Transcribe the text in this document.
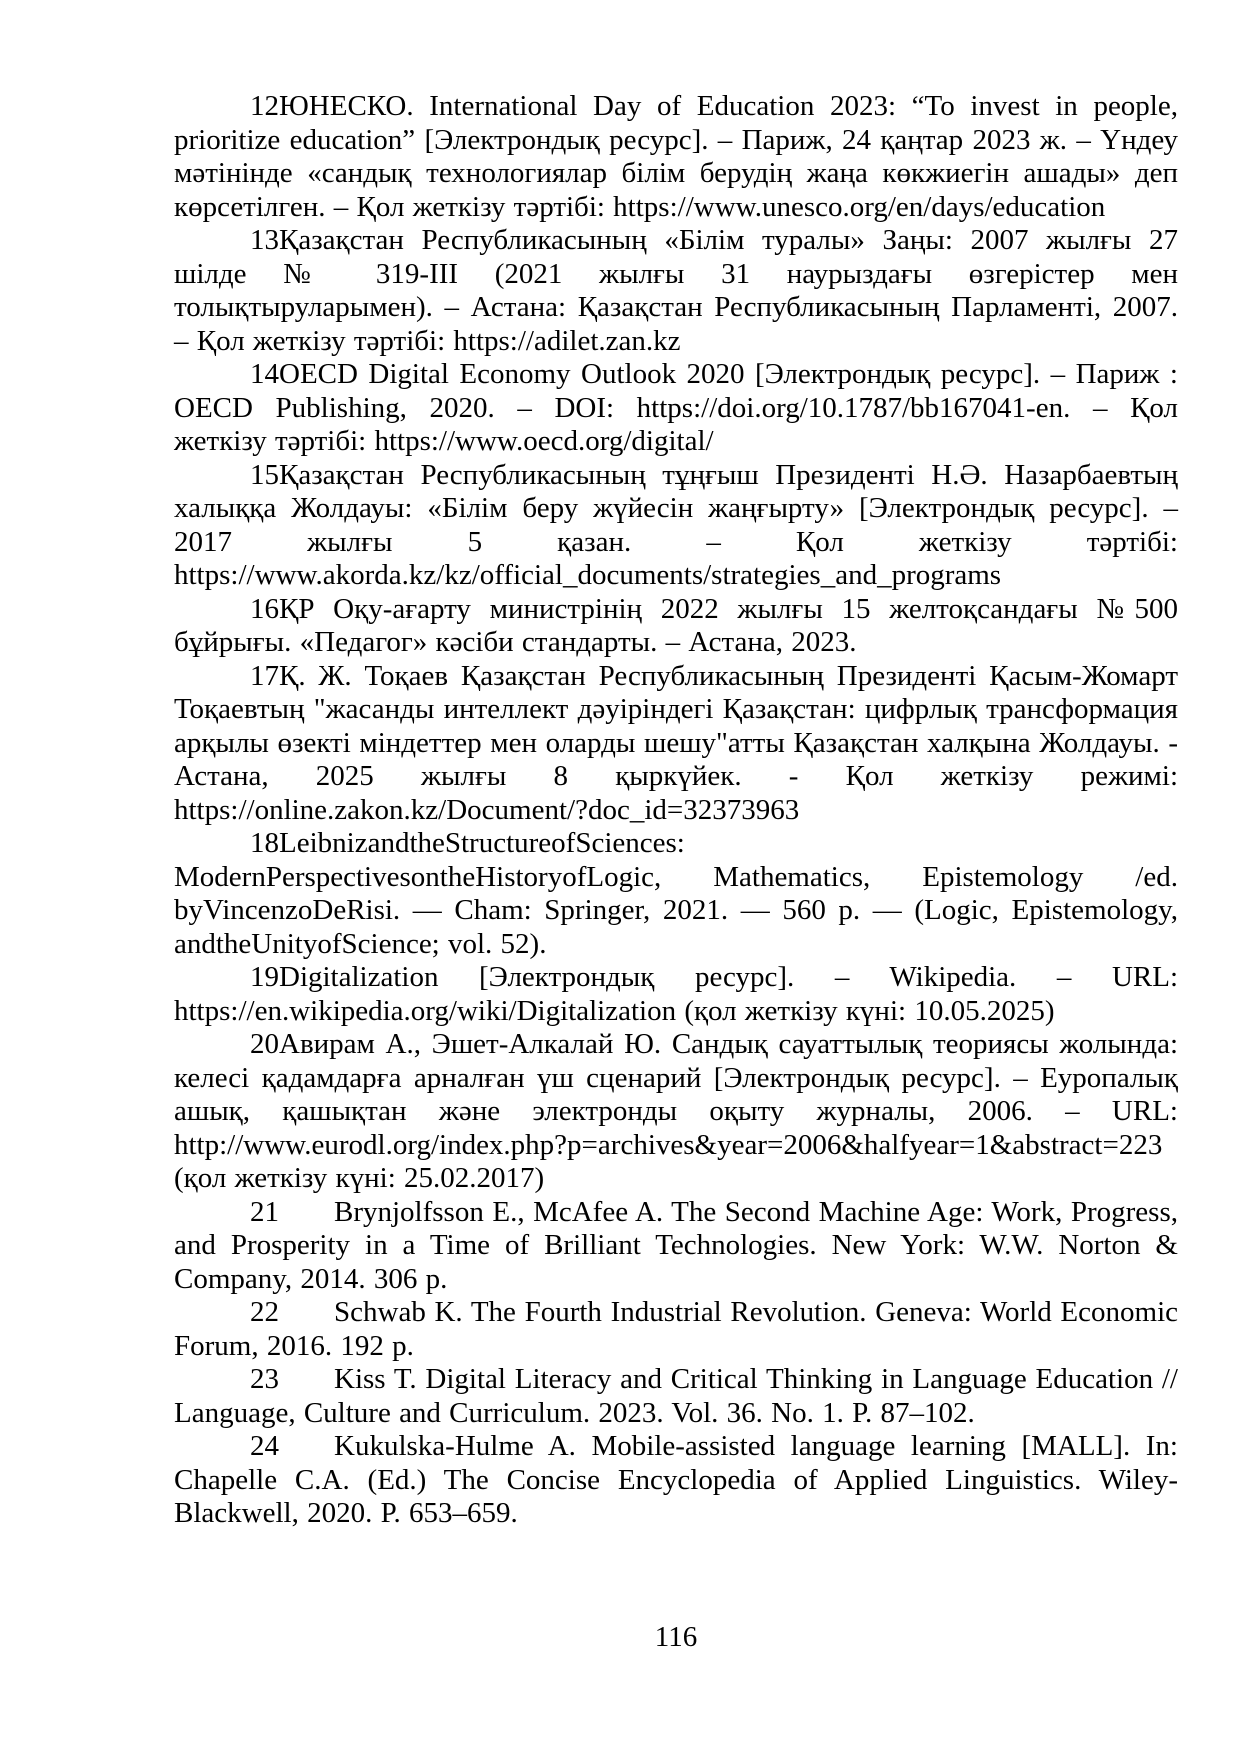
12ЮНЕСКО. International Day of Education 2023: “To invest in people, prioritize education” [Электрондық ресурс]. – Париж, 24 қаңтар 2023 ж. – Үндеу мәтінінде «сандық технологиялар білім берудің жаңа көкжиегін ашады» деп көрсетілген. – Қол жеткізу тәртібі: https://www.unesco.org/en/days/education

13Қазақстан Республикасының «Білім туралы» Заңы: 2007 жылғы 27 шілде № 319-III (2021 жылғы 31 наурыздағы өзгерістер мен толықтыруларымен). – Астана: Қазақстан Республикасының Парламенті, 2007. – Қол жеткізу тәртібі: https://adilet.zan.kz

14OECD Digital Economy Outlook 2020 [Электрондық ресурс]. – Париж : OECD Publishing, 2020. – DOI: https://doi.org/10.1787/bb167041-en. – Қол жеткізу тәртібі: https://www.oecd.org/digital/

15Қазақстан Республикасының тұңғыш Президенті Н.Ә. Назарбаевтың халыққа Жолдауы: «Білім беру жүйесін жаңғырту» [Электрондық ресурс]. – 2017 жылғы 5 қазан. – Қол жеткізу тәртібі: https://www.akorda.kz/kz/official_documents/strategies_and_programs

16ҚР Оқу-ағарту министрінің 2022 жылғы 15 желтоқсандағы №500 бұйрығы. «Педагог» кәсіби стандарты. – Астана, 2023.

17Қ. Ж. Тоқаев Қазақстан Республикасының Президенті Қасым-Жомарт Тоқаевтың "жасанды интеллект дәуіріндегі Қазақстан: цифрлық трансформация арқылы өзекті міндеттер мен оларды шешу"атты Қазақстан халқына Жолдауы. - Астана, 2025 жылғы 8 қыркүйек. - Қол жеткізу режимі: https://online.zakon.kz/Document/?doc_id=32373963

18LeibnizandtheStructureofSciences: ModernPerspectivesontheHistoryofLogic, Mathematics, Epistemology /ed. byVincenzoDeRisi. — Cham: Springer, 2021. — 560 p. — (Logic, Epistemology, andtheUnityofScience; vol. 52).

19Digitalization [Электрондық ресурс]. – Wikipedia. – URL: https://en.wikipedia.org/wiki/Digitalization (қол жеткізу күні: 10.05.2025)

20Авирам А., Эшет-Алкалай Ю. Сандық сауаттылық теориясы жолында: келесі қадамдарға арналған үш сценарий [Электрондық ресурс]. – Еуропалық ашық, қашықтан және электронды оқыту журналы, 2006. – URL: http://www.eurodl.org/index.php?p=archives&year=2006&halfyear=1&abstract=223 (қол жеткізу күні: 25.02.2017)

21 Brynjolfsson E., McAfee A. The Second Machine Age: Work, Progress, and Prosperity in a Time of Brilliant Technologies. New York: W.W. Norton & Company, 2014. 306 p.

22 Schwab K. The Fourth Industrial Revolution. Geneva: World Economic Forum, 2016. 192 p.

23 Kiss T. Digital Literacy and Critical Thinking in Language Education // Language, Culture and Curriculum. 2023. Vol. 36. No. 1. P. 87–102.

24 Kukulska-Hulme A. Mobile-assisted language learning [MALL]. In: Chapelle C.A. (Ed.) The Concise Encyclopedia of Applied Linguistics. Wiley-Blackwell, 2020. P. 653–659.

116
